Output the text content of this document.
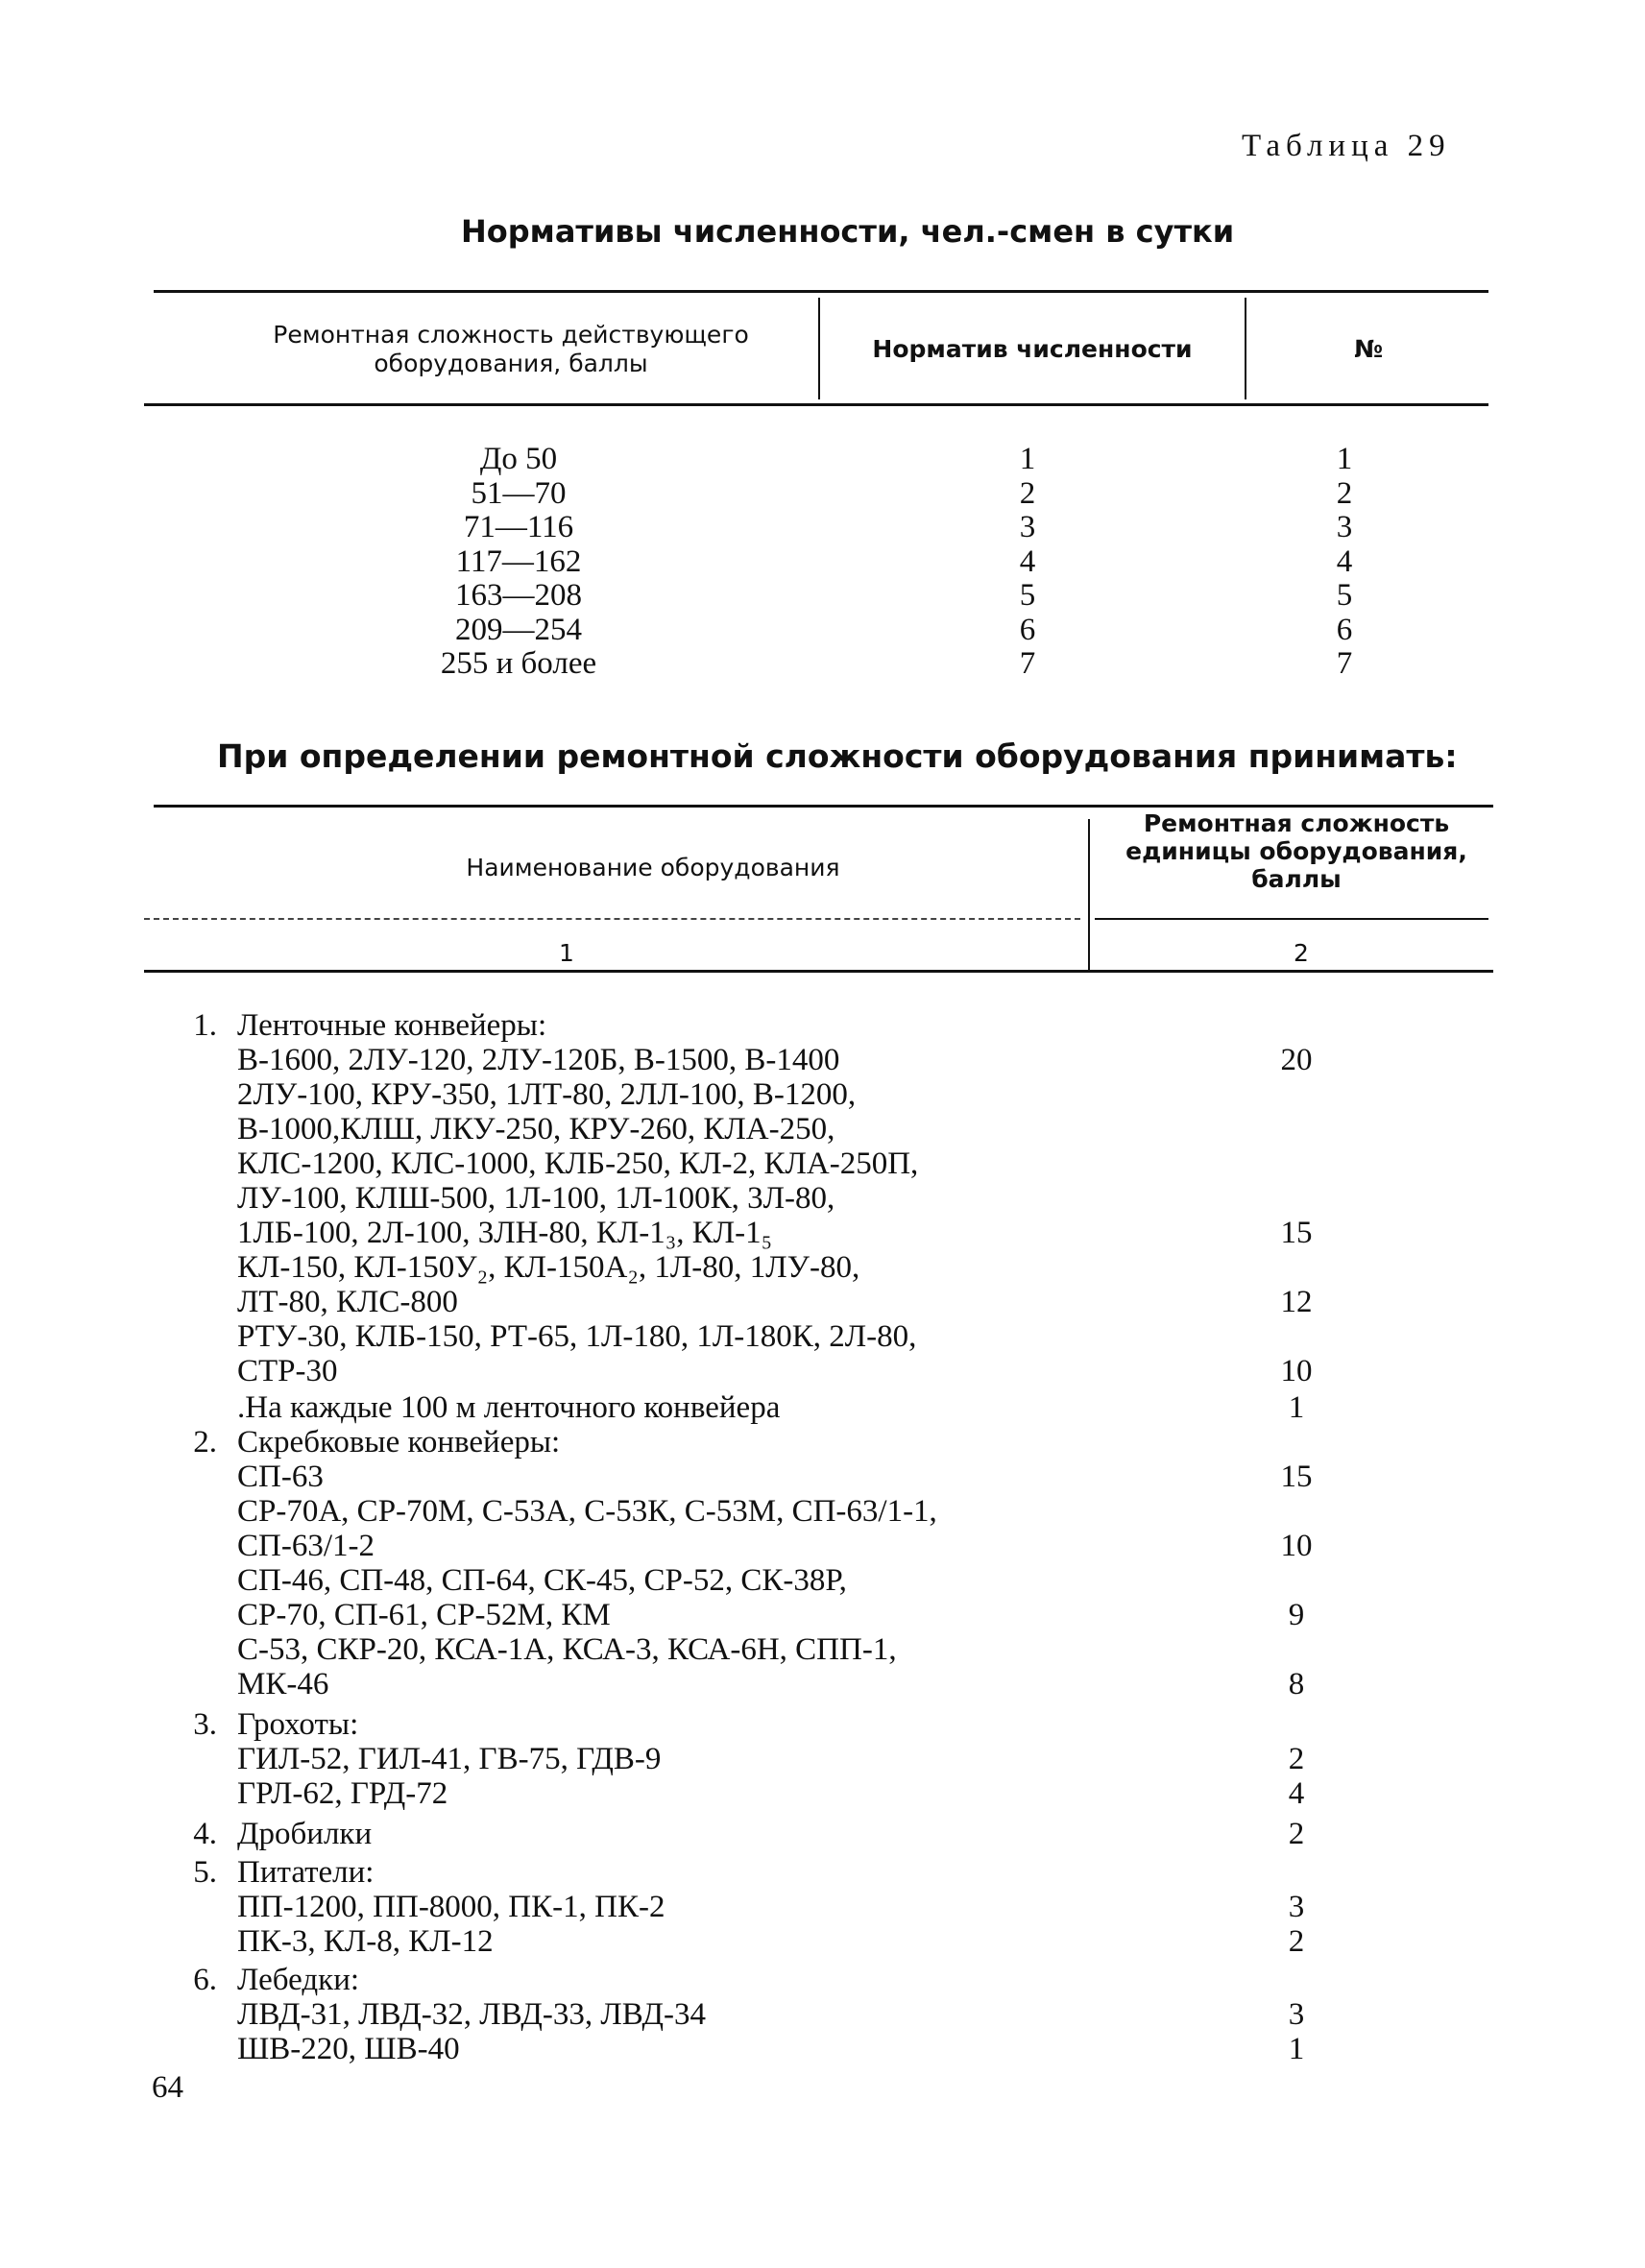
Таблица 29
Нормативы численности, чел.-смен в сутки
Ремонтная сложность действующего оборудования, баллы
Норматив численности	№
До 50	1	1
51—70	2	2
71—116	3	3
117—162	4	4
163—208	5	5
209—254	6	6
255 и более	7	7
При определении ремонтной сложности оборудования принимать:
Наименование оборудования
Ремонтная сложность единицы оборудования, баллы
1	2
1. Ленточные конвейеры:
В-1600, 2ЛУ-120, 2ЛУ-120Б, В-1500, В-1400	20
2ЛУ-100, КРУ-350, 1ЛТ-80, 2ЛЛ-100, В-1200,
В-1000,КЛШ, ЛКУ-250, КРУ-260, КЛА-250,
КЛС-1200, КЛС-1000, КЛБ-250, КЛ-2, КЛА-250П,
ЛУ-100, КЛШ-500, 1Л-100, 1Л-100К, 3Л-80,
1ЛБ-100, 2Л-100, 3ЛН-80, КЛ-1₃, КЛ-1₅	15
КЛ-150, КЛ-150У₂, КЛ-150А₂, 1Л-80, 1ЛУ-80,
ЛТ-80, КЛС-800	12
РТУ-30, КЛБ-150, РТ-65, 1Л-180, 1Л-180К, 2Л-80,
СТР-30	10
.На каждые 100 м ленточного конвейера	1
2. Скребковые конвейеры:
СП-63	15
СР-70А, СР-70М, С-53А, С-53К, С-53М, СП-63/1-1,
СП-63/1-2	10
СП-46, СП-48, СП-64, СК-45, СР-52, СК-38Р,
СР-70, СП-61, СР-52М, КМ	9
С-53, СКР-20, КСА-1А, КСА-3, КСА-6Н, СПП-1,
МК-46	8
3. Грохоты:
ГИЛ-52, ГИЛ-41, ГВ-75, ГДВ-9	2
ГРЛ-62, ГРД-72	4
4. Дробилки	2
5. Питатели:
ПП-1200, ПП-8000, ПК-1, ПК-2	3
ПК-3, КЛ-8, КЛ-12	2
6. Лебедки:
ЛВД-31, ЛВД-32, ЛВД-33, ЛВД-34	3
ШВ-220, ШВ-40	1
64
